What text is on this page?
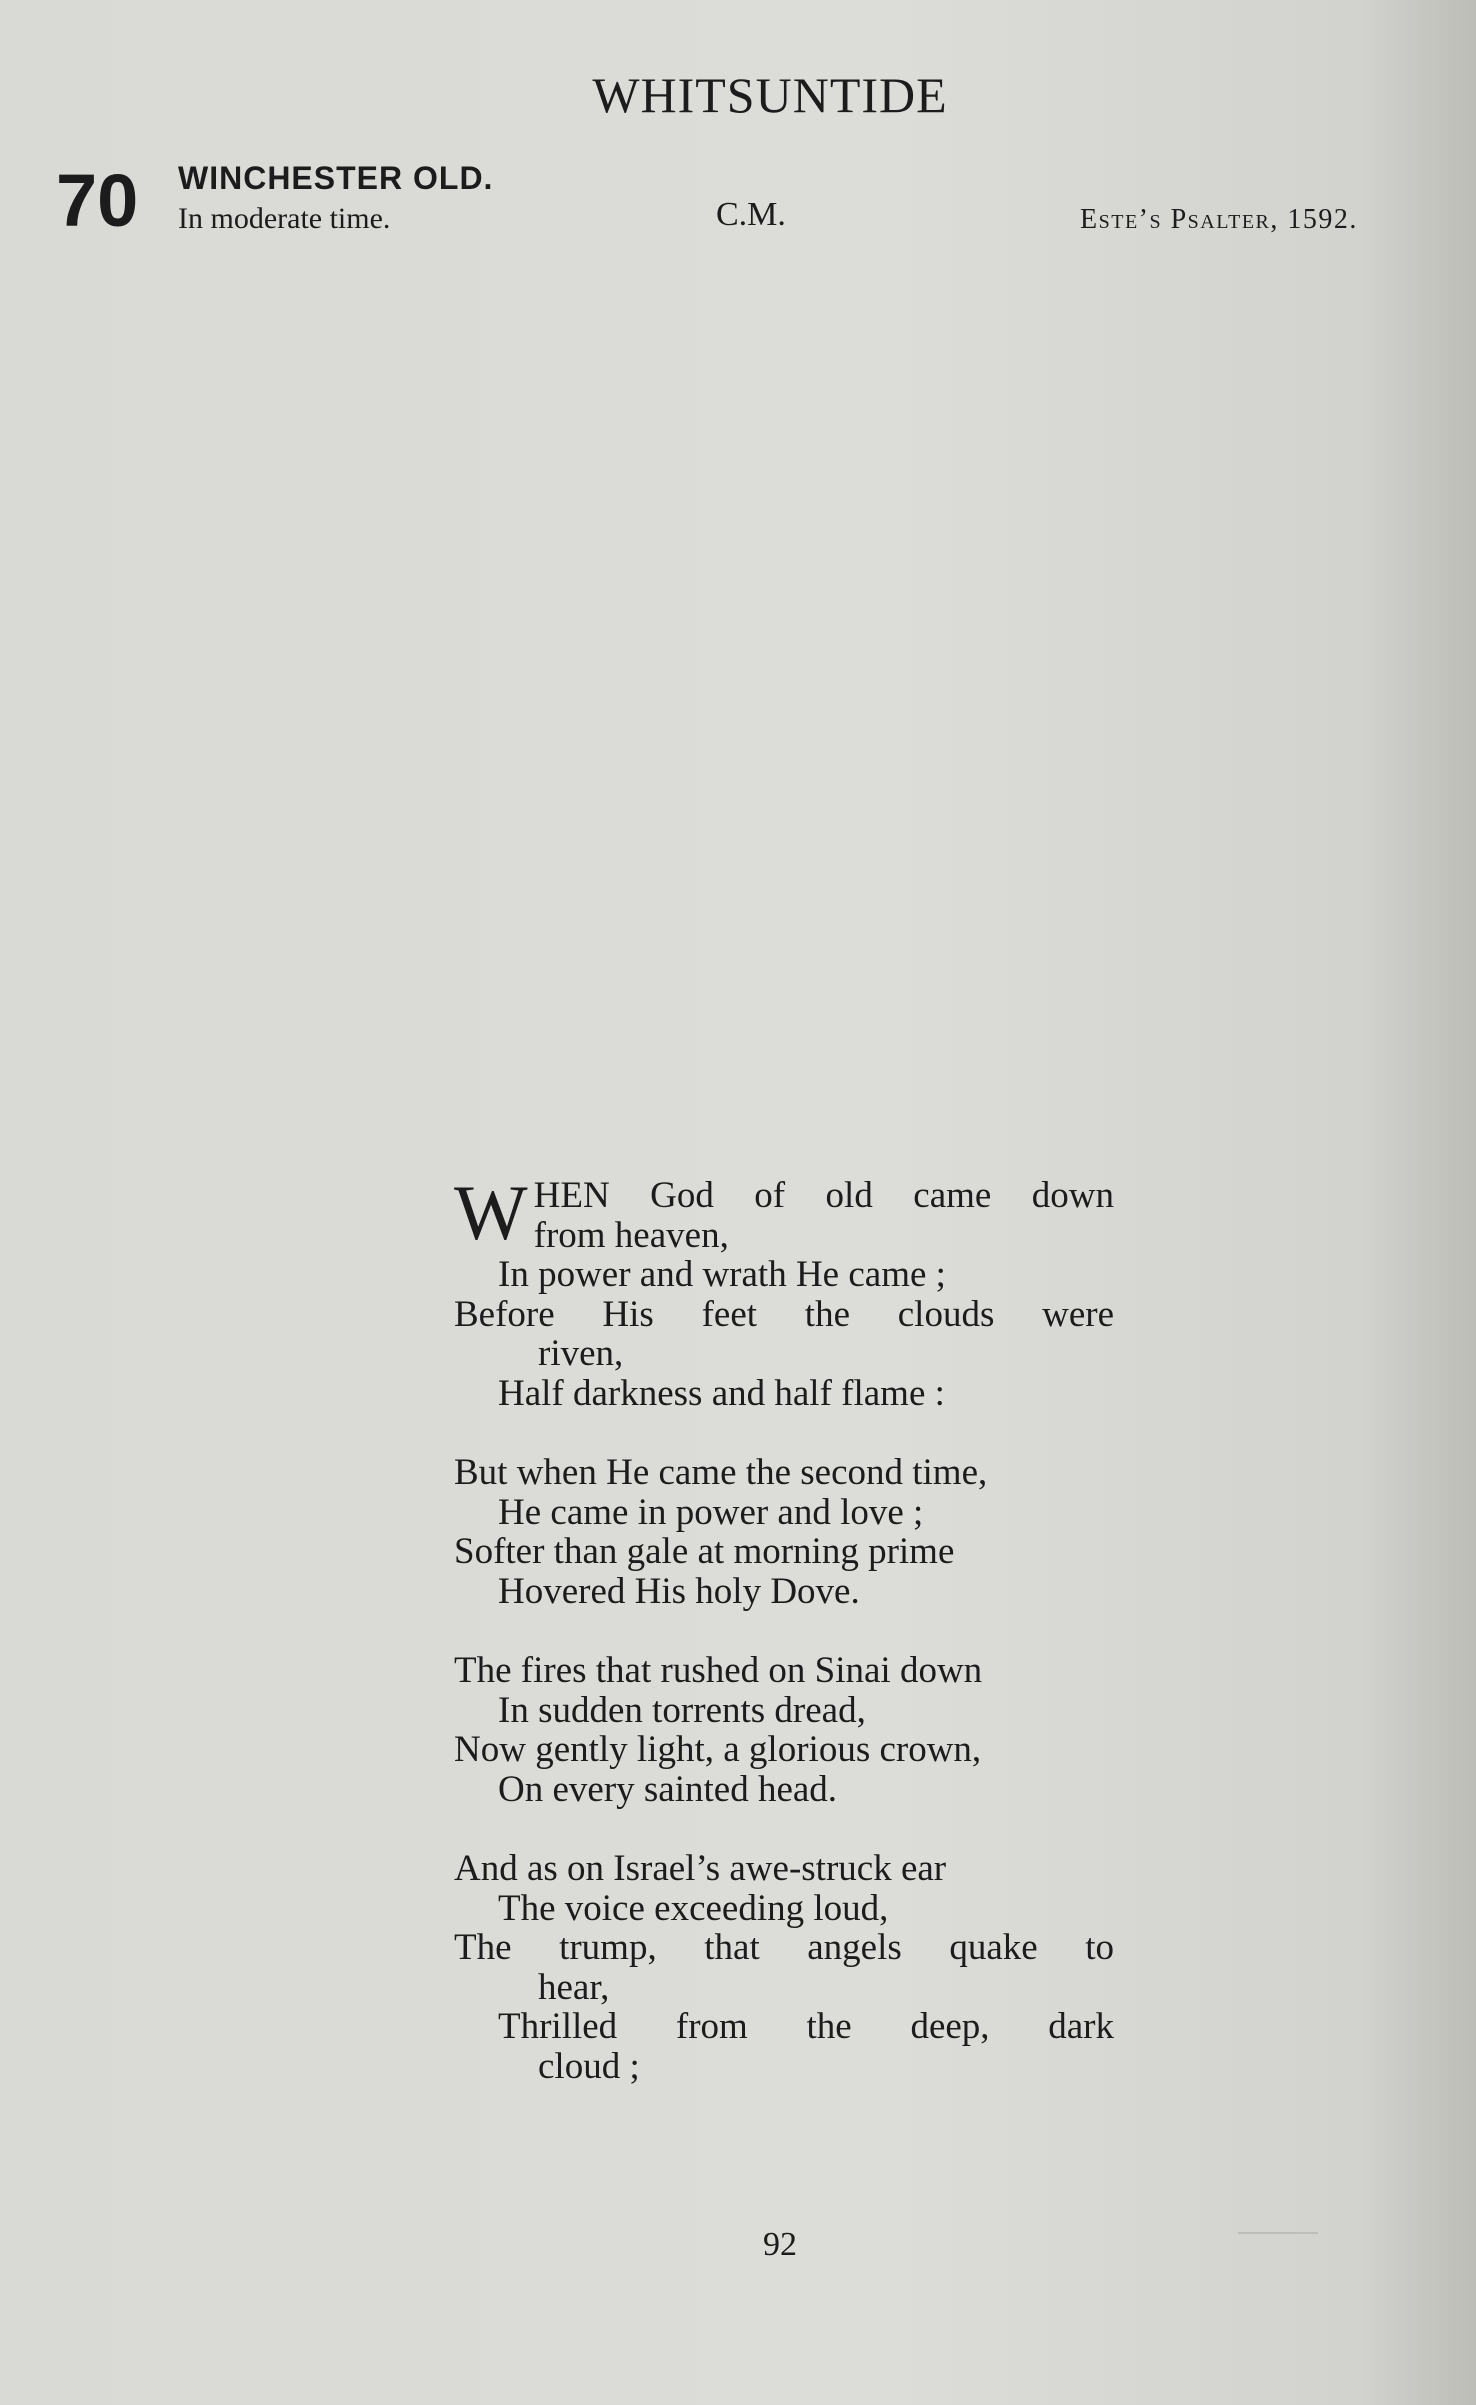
WHITSUNTIDE
70 WINCHESTER OLD.
In moderate time.	C.M.	Este’s Psalter, 1592.
W HEN God of old came down
from heaven,
In power and wrath He came ;
Before His feet the clouds were
riven,
Half darkness and half flame :
But when He came the second time,
He came in power and love ;
Softer than gale at morning prime
Hovered His holy Dove.
The fires that rushed on Sinai down
In sudden torrents dread,
Now gently light, a glorious crown,
On every sainted head.
And as on Israel’s awe-struck ear
The voice exceeding loud,
The trump, that angels quake to
hear,
Thrilled from the deep, dark
cloud ;
92
